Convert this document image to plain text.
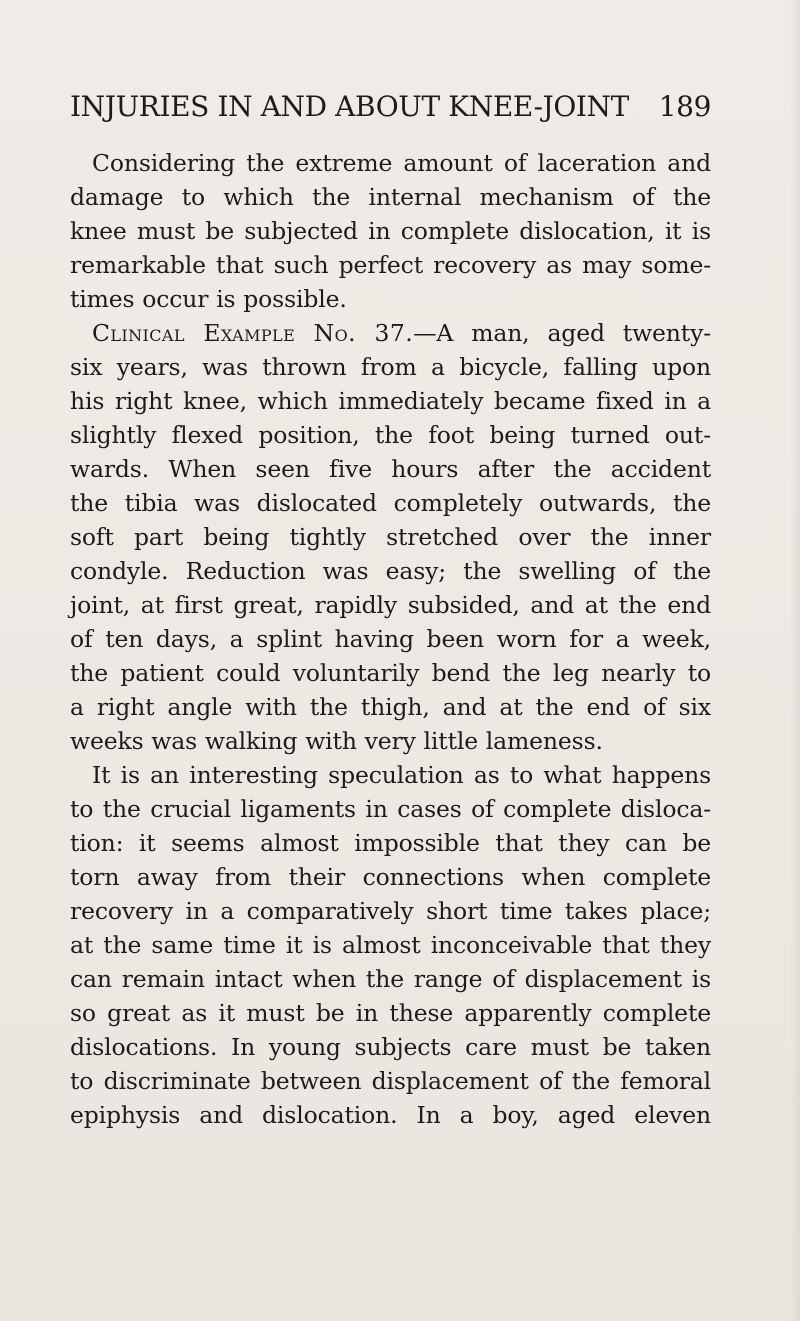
INJURIES IN AND ABOUT KNEE-JOINT 189
Considering the extreme amount of laceration and
damage to which the internal mechanism of the
knee must be subjected in complete dislocation, it is
remarkable that such perfect recovery as may some-
times occur is possible.
Clinical Example No. 37.—A man, aged twenty-
six years, was thrown from a bicycle, falling upon
his right knee, which immediately became fixed in a
slightly flexed position, the foot being turned out-
wards. When seen five hours after the accident
the tibia was dislocated completely outwards, the
soft part being tightly stretched over the inner
condyle. Reduction was easy; the swelling of the
joint, at first great, rapidly subsided, and at the end
of ten days, a splint having been worn for a week,
the patient could voluntarily bend the leg nearly to
a right angle with the thigh, and at the end of six
weeks was walking with very little lameness.
It is an interesting speculation as to what happens
to the crucial ligaments in cases of complete disloca-
tion: it seems almost impossible that they can be
torn away from their connections when complete
recovery in a comparatively short time takes place;
at the same time it is almost inconceivable that they
can remain intact when the range of displacement is
so great as it must be in these apparently complete
dislocations. In young subjects care must be taken
to discriminate between displacement of the femoral
epiphysis and dislocation. In a boy, aged eleven
